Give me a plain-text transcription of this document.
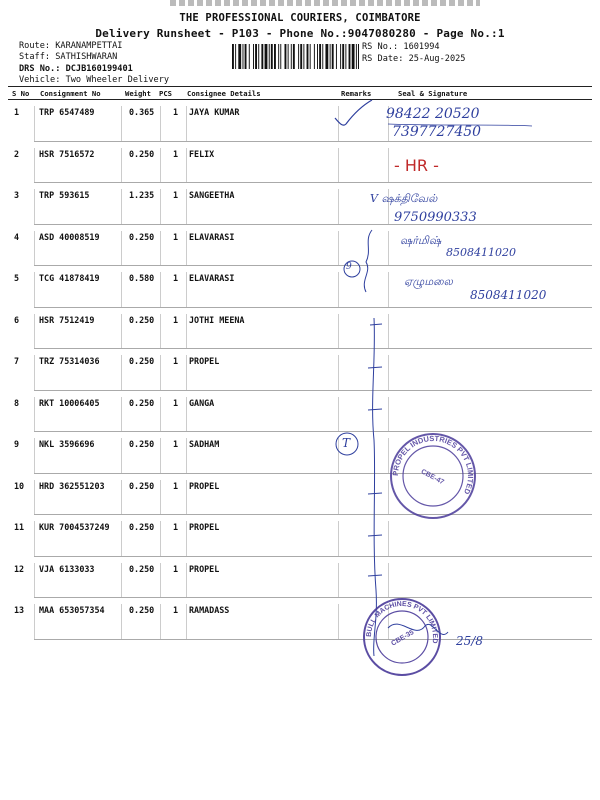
THE PROFESSIONAL COURIERS, COIMBATORE
Delivery Runsheet - P103 - Phone No.:9047080280 - Page No.:1
Route: KARANAMPETTAI
Staff: SATHISHWARAN
DRS No.: DCJB160199401
Vehicle: Two Wheeler Delivery
RS No.: 1601994
RS Date: 25-Aug-2025
S No Consignment No	Weight PCS Consignee Details	Remarks	Seal & Signature
1 TRP 6547489	0.365 1 JAYA KUMAR
2 HSR 7516572	0.250 1 FELIX
3 TRP 593615	1.235 1 SANGEETHA
4 ASD 40008519	0.250 1 ELAVARASI
5 TCG 41878419	0.580 1 ELAVARASI
6 HSR 7512419	0.250 1 JOTHI MEENA
7 TRZ 75314036	0.250 1 PROPEL
8 RKT 10006405	0.250 1 GANGA
9 NKL 3596696	0.250 1 SADHAM
10 HRD 362551203	0.250 1 PROPEL
11 KUR 7004537249 0.250 1 PROPEL
12 VJA 6133033	0.250 1 PROPEL
13 MAA 653057354	0.250 1 RAMADASS
PROPEL INDUSTRIES PVT LIMITED
CBE-47
BULL MACHINES PVT LIMITED
CBE-35
98422 20520
7397727450
- HR -
V ஷக்திவேல்
9750990333
ஷர்மிஷ்
8508411020
9
ஏழுமலை
8508411020
T
25/8
